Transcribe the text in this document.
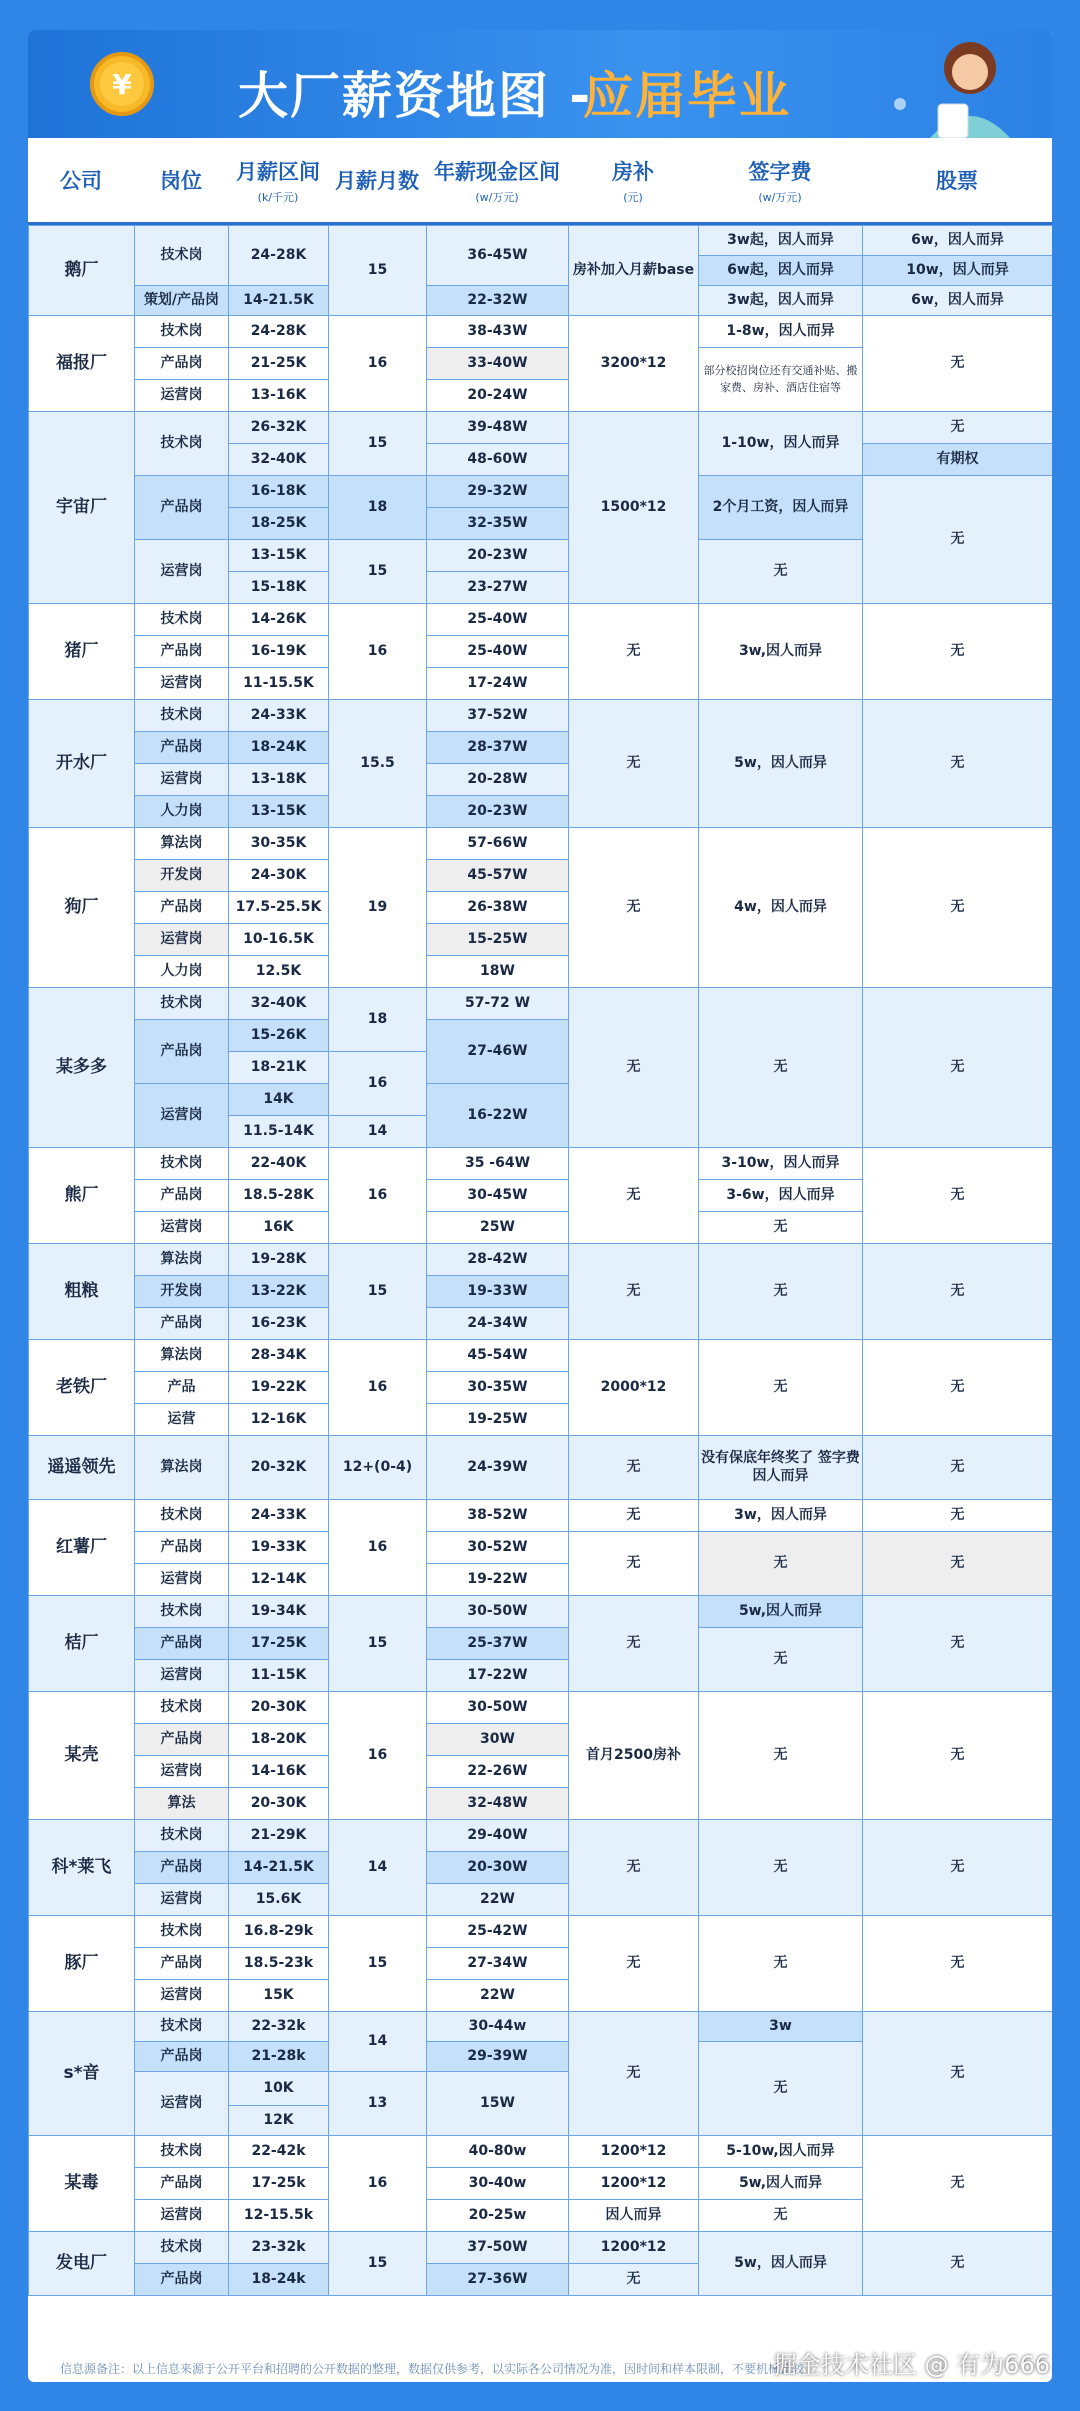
¥ 大厂薪资地图 -
应届毕业
公司	岗位 月薪区间
(k/千元)
月薪月数 年薪现金区间
(w/万元)
房补
(元)
签字费
(w/万元)
股票
鹅厂	技术岗	24-28K	15	36-45W	房补加入月薪base	3w起，因人而异	6w，因人而异
						6w起，因人而异	10w，因人而异
	策划/产品岗	14-21.5K		22-32W		3w起，因人而异	6w，因人而异
福报厂	技术岗	24-28K	16	38-43W	3200*12	1-8w，因人而异	无
	产品岗	21-25K		33-40W		部分校招岗位还有交通补贴、搬家费、房补、酒店住宿等	
	运营岗	13-16K		20-24W			
宇宙厂	技术岗	26-32K	15	39-48W	1500*12	1-10w，因人而异	无
		32-40K		48-60W			有期权
	产品岗	16-18K	18	29-32W		2个月工资，因人而异	无
		18-25K		32-35W			
	运营岗	13-15K	15	20-23W		无	
		15-18K		23-27W			
猪厂	技术岗	14-26K	16	25-40W	无	3w,因人而异	无
	产品岗	16-19K		25-40W			
	运营岗	11-15.5K		17-24W			
开水厂	技术岗	24-33K	15.5	37-52W	无	5w，因人而异	无
	产品岗	18-24K		28-37W			
	运营岗	13-18K		20-28W			
	人力岗	13-15K		20-23W			
狗厂	算法岗	30-35K	19	57-66W	无	4w，因人而异	无
	开发岗	24-30K		45-57W			
	产品岗	17.5-25.5K		26-38W			
	运营岗	10-16.5K		15-25W			
	人力岗	12.5K		18W			
某多多	技术岗	32-40K	18	57-72 W	无	无	无
	产品岗	15-26K		27-46W			
		18-21K	16				
	运营岗	14K		16-22W			
		11.5-14K	14				
熊厂	技术岗	22-40K	16	35 -64W	无	3-10w，因人而异	无
	产品岗	18.5-28K		30-45W		3-6w，因人而异	
	运营岗	16K		25W		无	
粗粮	算法岗	19-28K	15	28-42W	无	无	无
	开发岗	13-22K		19-33W			
	产品岗	16-23K		24-34W			
老铁厂	算法岗	28-34K	16	45-54W	2000*12	无	无
	产品	19-22K		30-35W			
	运营	12-16K		19-25W			
遥遥领先	算法岗	20-32K	12+(0-4)	24-39W	无	没有保底年终奖了 签字费因人而异	无
红薯厂	技术岗	24-33K	16	38-52W	无	3w，因人而异	无
	产品岗	19-33K		30-52W	无	无	无
	运营岗	12-14K		19-22W			
桔厂	技术岗	19-34K	15	30-50W	无	5w,因人而异	无
	产品岗	17-25K		25-37W		无	
	运营岗	11-15K		17-22W			
某壳	技术岗	20-30K	16	30-50W	首月2500房补	无	无
	产品岗	18-20K		30W			
	运营岗	14-16K		22-26W			
	算法	20-30K		32-48W			
科*莱飞	技术岗	21-29K	14	29-40W	无	无	无
	产品岗	14-21.5K		20-30W			
	运营岗	15.6K		22W			
豚厂	技术岗	16.8-29k	15	25-42W	无	无	无
	产品岗	18.5-23k		27-34W			
	运营岗	15K		22W			
s*音	技术岗	22-32k	14	30-44w	无	3w	无
	产品岗	21-28k		29-39W		无	
	运营岗	10K	13	15W			
		12K					
某毒	技术岗	22-42k	16	40-80w	1200*12	5-10w,因人而异	无
	产品岗	17-25k		30-40w	1200*12	5w,因人而异	
	运营岗	12-15.5k		20-25w	因人而异	无	
发电厂	技术岗	23-32k	15	37-50W	1200*12	5w，因人而异	无
	产品岗	18-24k		27-36W	无		
信息源备注：以上信息来源于公开平台和招聘的公开数据的整理，数据仅供参考，以实际各公司情况为准，因时间和样本限制，不要机械比较
掘金技术社区 @ 有为666
